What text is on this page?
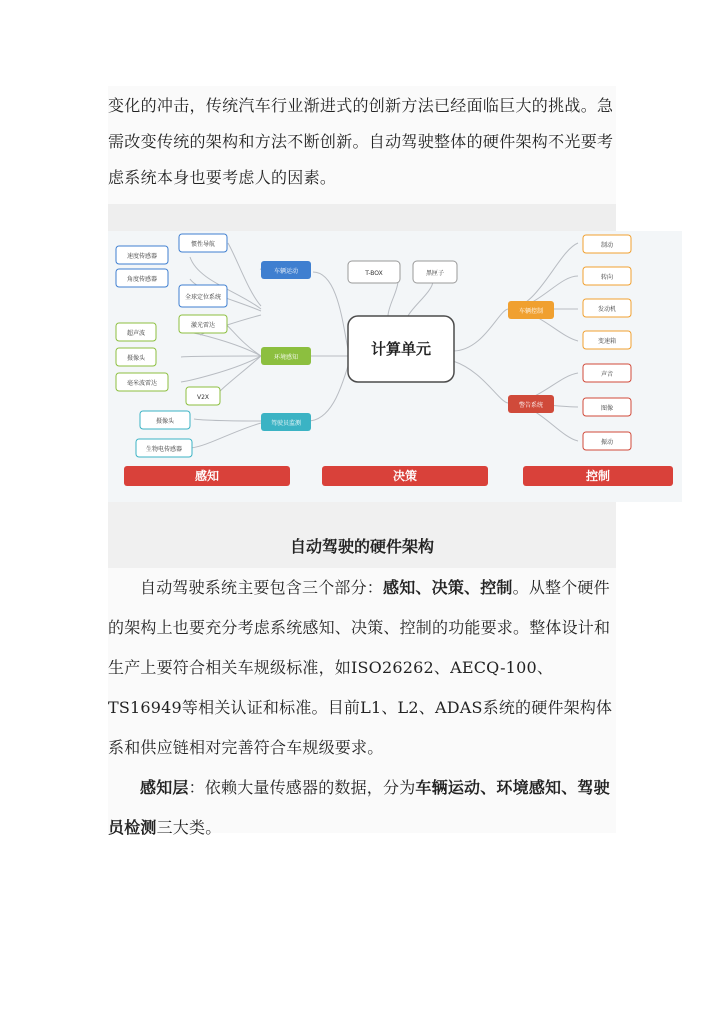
变化的冲击，传统汽车行业渐进式的创新方法已经面临巨大的挑战。急需改变传统的架构和方法不断创新。自动驾驶整体的硬件架构不光要考虑系统本身也要考虑人的因素。

计算单元
T-BOX	黑匣子
车辆运动
环境感知
驾驶员监测
惯性导航
速度传感器
角度传感器
全球定位系统
激光雷达
超声波
摄像头
毫米波雷达
V2X
摄像头
生物电传感器
车辆控制
警告系统
制动
转向
发动机
变速箱
声音
图像
振动
感知	决策	控制
自动驾驶的硬件架构

自动驾驶系统主要包含三个部分：感知、决策、控制。从整个硬件的架构上也要充分考虑系统感知、决策、控制的功能要求。整体设计和生产上要符合相关车规级标准，如ISO26262、AECQ-100、TS16949等相关认证和标准。目前L1、L2、ADAS系统的硬件架构体系和供应链相对完善符合车规级要求。

感知层：依赖大量传感器的数据，分为车辆运动、环境感知、驾驶员检测三大类。
